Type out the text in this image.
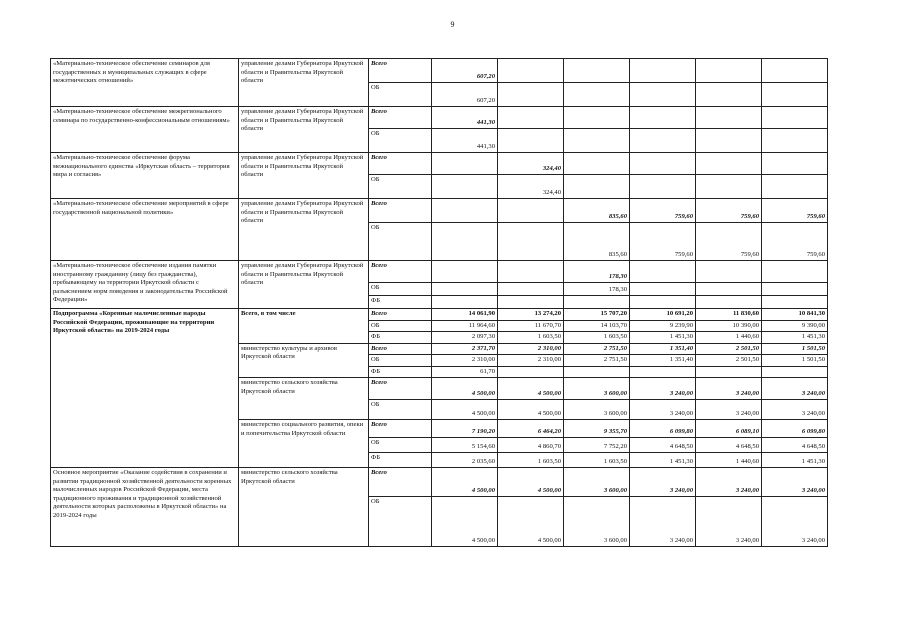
9
«Материально-техническое обеспечение семинаров для государственных и муниципальных служащих в сфере межэтнических отношений»	управление делами Губернатора Иркутской области и Правительства Иркутской области	Всего	607,20					
		ОБ	607,20					
«Материально-техническое обеспечение межрегионального семинара по государственно-конфессиональным отношениям»	управление делами Губернатора Иркутской области и Правительства Иркутской области	Всего	441,30					
		ОБ	441,30					
«Материально-техническое обеспечение форума межнационального единства «Иркутская область – территория мира и согласия»	управление делами Губернатора Иркутской области и Правительства Иркутской области	Всего		324,40				
		ОБ		324,40				
«Материально-техническое обеспечение мероприятий в сфере государственной национальной политики»	управление делами Губернатора Иркутской области и Правительства Иркутской области	Всего			835,60	759,60	759,60	759,60
		ОБ			835,60	759,60	759,60	759,60
«Материально-техническое обеспечение издания памятки иностранному гражданину (лицу без гражданства), пребывающему на территории Иркутской области с разъяснением норм поведения и законодательства Российской Федерации»	управление делами Губернатора Иркутской области и Правительства Иркутской области	Всего			178,30			
		ОБ			178,30			
		ФБ						
Подпрограмма «Коренные малочисленные народы Российской Федерации, проживающие на территории Иркутской области» на 2019-2024 годы	Всего, в том числе	Всего	14 061,90	13 274,20	15 707,20	10 691,20	11 830,60	10 841,30
		ОБ	11 964,60	11 670,70	14 103,70	9 239,90	10 390,00	9 390,00
		ФБ	2 097,30	1 603,50	1 603,50	1 451,30	1 440,60	1 451,30
	министерство культуры и архивов Иркутской области	Всего	2 371,70	2 310,00	2 751,50	1 351,40	2 501,50	1 501,50
		ОБ	2 310,00	2 310,00	2 751,50	1 351,40	2 501,50	1 501,50
		ФБ	61,70					
	министерство сельского хозяйства Иркутской области	Всего	4 500,00	4 500,00	3 600,00	3 240,00	3 240,00	3 240,00
		ОБ	4 500,00	4 500,00	3 600,00	3 240,00	3 240,00	3 240,00
	министерство социального развития, опеки и попечительства Иркутской области	Всего	7 190,20	6 464,20	9 355,70	6 099,80	6 089,10	6 099,80
		ОБ	5 154,60	4 860,70	7 752,20	4 648,50	4 648,50	4 648,50
		ФБ	2 035,60	1 603,50	1 603,50	1 451,30	1 440,60	1 451,30
Основное мероприятие «Оказание содействия в сохранении и развитии традиционной хозяйственной деятельности коренных малочисленных народов Российской Федерации, места традиционного проживания и традиционной хозяйственной деятельности которых расположены в Иркутской области» на 2019-2024 годы	министерство сельского хозяйства Иркутской области	Всего	4 500,00	4 500,00	3 600,00	3 240,00	3 240,00	3 240,00
		ОБ	4 500,00	4 500,00	3 600,00	3 240,00	3 240,00	3 240,00
